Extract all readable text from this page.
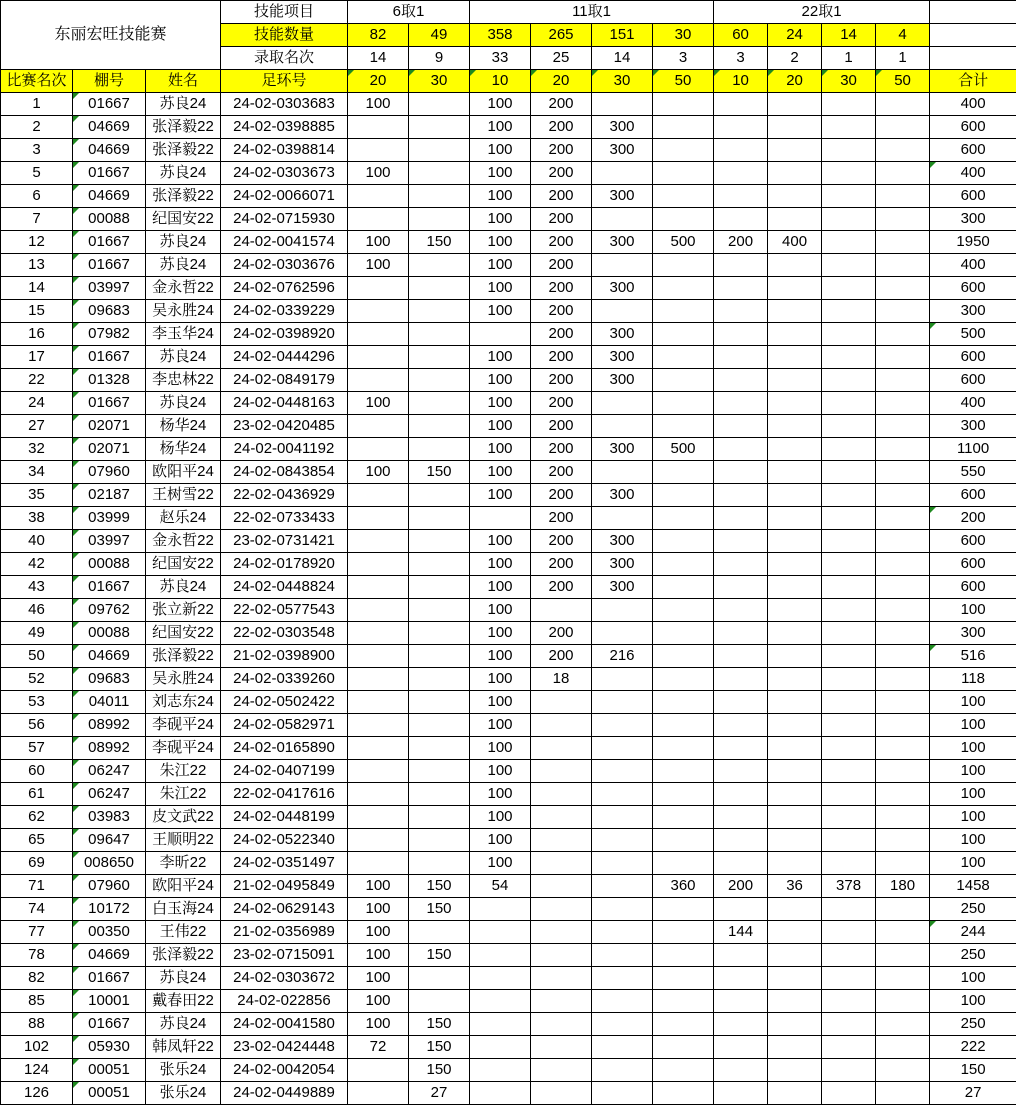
东丽宏旺技能赛			技能项目	6取1		11取1				22取1				
			技能数量	82	49	358	265	151	30	60	24	14	4	
			录取名次	14	9	33	25	14	3	3	2	1	1	
比赛名次	棚号	姓名	足环号	20	30	10	20	30	50	10	20	30	50	合计
1	01667	苏良24	24-02-0303683	100		100	200							400
2	04669	张泽毅22	24-02-0398885			100	200	300						600
3	04669	张泽毅22	24-02-0398814			100	200	300						600
5	01667	苏良24	24-02-0303673	100		100	200							400
6	04669	张泽毅22	24-02-0066071			100	200	300						600
7	00088	纪国安22	24-02-0715930			100	200							300
12	01667	苏良24	24-02-0041574	100	150	100	200	300	500	200	400			1950
13	01667	苏良24	24-02-0303676	100		100	200							400
14	03997	金永哲22	24-02-0762596			100	200	300						600
15	09683	吴永胜24	24-02-0339229			100	200							300
16	07982	李玉华24	24-02-0398920				200	300						500
17	01667	苏良24	24-02-0444296			100	200	300						600
22	01328	李忠林22	24-02-0849179			100	200	300						600
24	01667	苏良24	24-02-0448163	100		100	200							400
27	02071	杨华24	23-02-0420485			100	200							300
32	02071	杨华24	24-02-0041192			100	200	300	500					1100
34	07960	欧阳平24	24-02-0843854	100	150	100	200							550
35	02187	王树雪22	22-02-0436929			100	200	300						600
38	03999	赵乐24	22-02-0733433				200							200
40	03997	金永哲22	23-02-0731421			100	200	300						600
42	00088	纪国安22	24-02-0178920			100	200	300						600
43	01667	苏良24	24-02-0448824			100	200	300						600
46	09762	张立新22	22-02-0577543			100								100
49	00088	纪国安22	22-02-0303548			100	200							300
50	04669	张泽毅22	21-02-0398900			100	200	216						516
52	09683	吴永胜24	24-02-0339260			100	18							118
53	04011	刘志东24	24-02-0502422			100								100
56	08992	李砚平24	24-02-0582971			100								100
57	08992	李砚平24	24-02-0165890			100								100
60	06247	朱江22	24-02-0407199			100								100
61	06247	朱江22	22-02-0417616			100								100
62	03983	皮文武22	24-02-0448199			100								100
65	09647	王顺明22	24-02-0522340			100								100
69	008650	李昕22	24-02-0351497			100								100
71	07960	欧阳平24	21-02-0495849	100	150	54			360	200	36	378	180	1458
74	10172	白玉海24	24-02-0629143	100	150									250
77	00350	王伟22	21-02-0356989	100						144				244
78	04669	张泽毅22	23-02-0715091	100	150									250
82	01667	苏良24	24-02-0303672	100										100
85	10001	戴春田22	24-02-022856	100										100
88	01667	苏良24	24-02-0041580	100	150									250
102	05930	韩凤轩22	23-02-0424448	72	150									222
124	00051	张乐24	24-02-0042054		150									150
126	00051	张乐24	24-02-0449889		27									27
